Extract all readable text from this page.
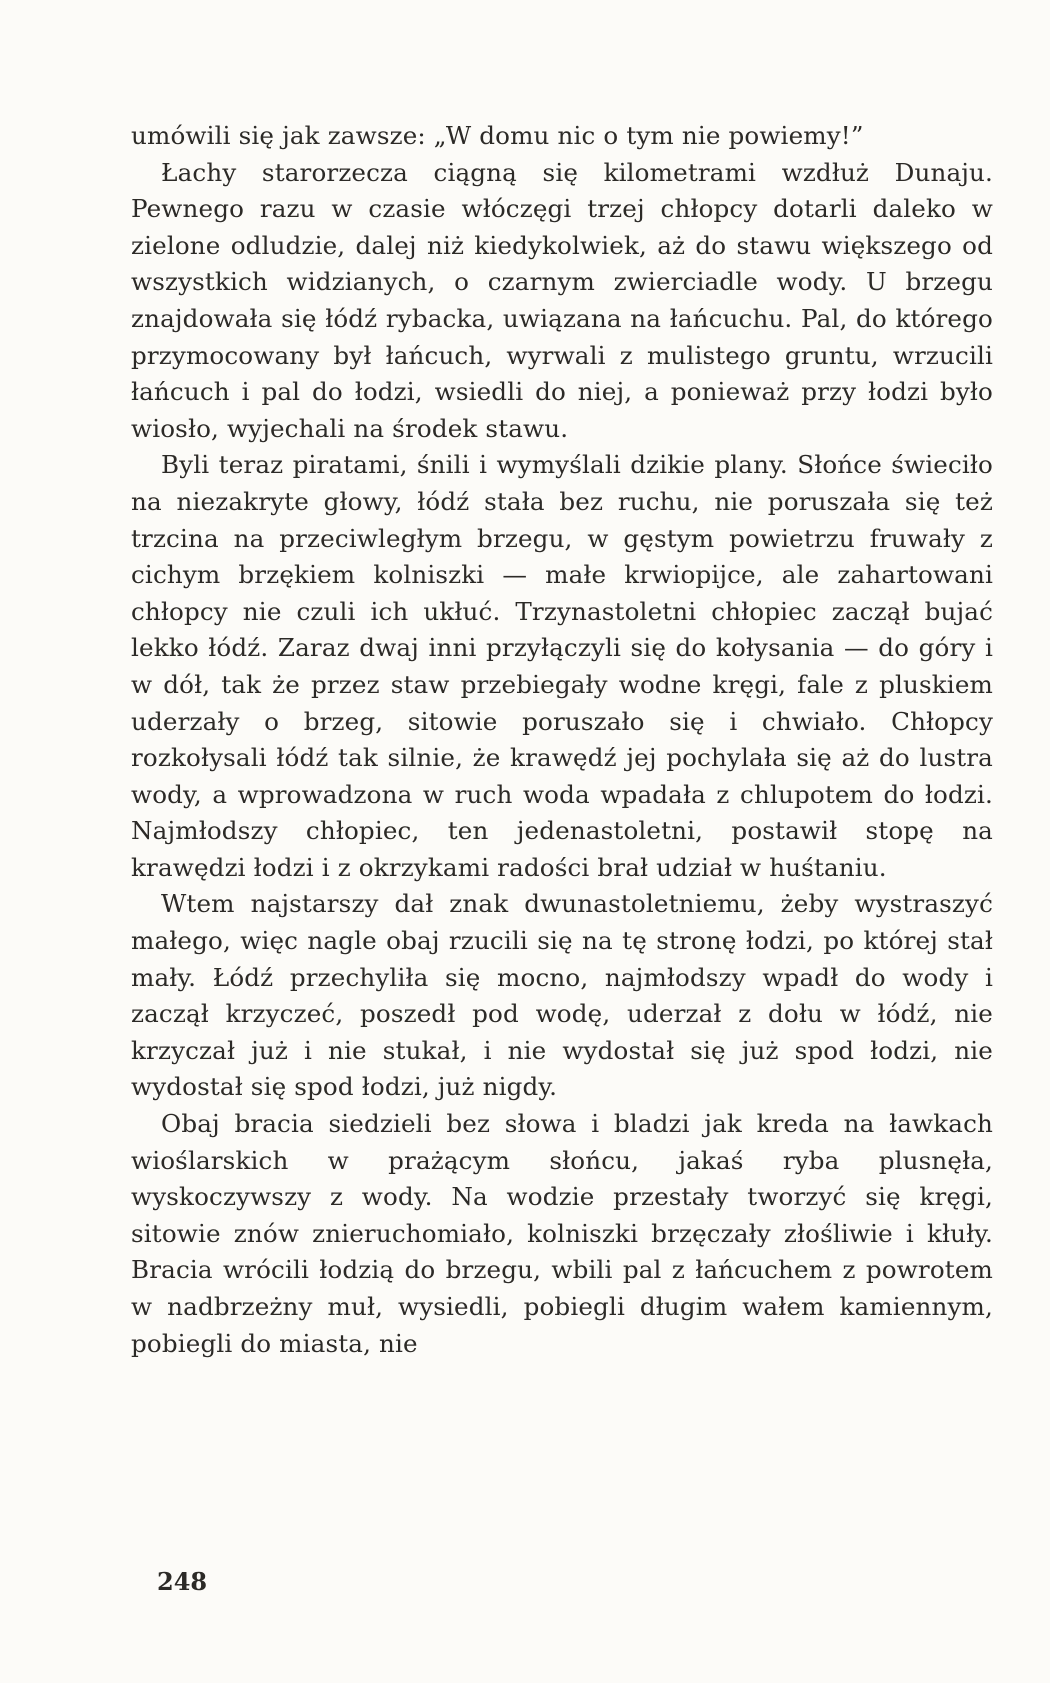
umówili się jak zawsze: „W domu nic o tym nie powiemy!”

Łachy starorzecza ciągną się kilometrami wzdłuż Dunaju. Pewnego razu w czasie włóczęgi trzej chłopcy dotarli daleko w zielone odludzie, dalej niż kiedykolwiek, aż do stawu większego od wszystkich widzianych, o czarnym zwierciadle wody. U brzegu znajdowała się łódź rybacka, uwiązana na łańcuchu. Pal, do którego przymocowany był łańcuch, wyrwali z mulistego gruntu, wrzucili łańcuch i pal do łodzi, wsiedli do niej, a ponieważ przy łodzi było wiosło, wyjechali na środek stawu.

Byli teraz piratami, śnili i wymyślali dzikie plany. Słońce świeciło na niezakryte głowy, łódź stała bez ruchu, nie poruszała się też trzcina na przeciwległym brzegu, w gęstym powietrzu fruwały z cichym brzękiem kolniszki — małe krwiopijce, ale zahartowani chłopcy nie czuli ich ukłuć. Trzynastoletni chłopiec zaczął bujać lekko łódź. Zaraz dwaj inni przyłączyli się do kołysania — do góry i w dół, tak że przez staw przebiegały wodne kręgi, fale z pluskiem uderzały o brzeg, sitowie poruszało się i chwiało. Chłopcy rozkołysali łódź tak silnie, że krawędź jej pochylała się aż do lustra wody, a wprowadzona w ruch woda wpadała z chlupotem do łodzi. Najmłodszy chłopiec, ten jedenastoletni, postawił stopę na krawędzi łodzi i z okrzykami radości brał udział w huśtaniu.

Wtem najstarszy dał znak dwunastoletniemu, żeby wystraszyć małego, więc nagle obaj rzucili się na tę stronę łodzi, po której stał mały. Łódź przechyliła się mocno, najmłodszy wpadł do wody i zaczął krzyczeć, poszedł pod wodę, uderzał z dołu w łódź, nie krzyczał już i nie stukał, i nie wydostał się już spod łodzi, nie wydostał się spod łodzi, już nigdy.

Obaj bracia siedzieli bez słowa i bladzi jak kreda na ławkach wioślarskich w prażącym słońcu, jakaś ryba plusnęła, wyskoczywszy z wody. Na wodzie przestały tworzyć się kręgi, sitowie znów znieruchomiało, kolniszki brzęczały złośliwie i kłuły. Bracia wrócili łodzią do brzegu, wbili pal z łańcuchem z powrotem w nadbrzeżny muł, wysiedli, pobiegli długim wałem kamiennym, pobiegli do miasta, nie

248
